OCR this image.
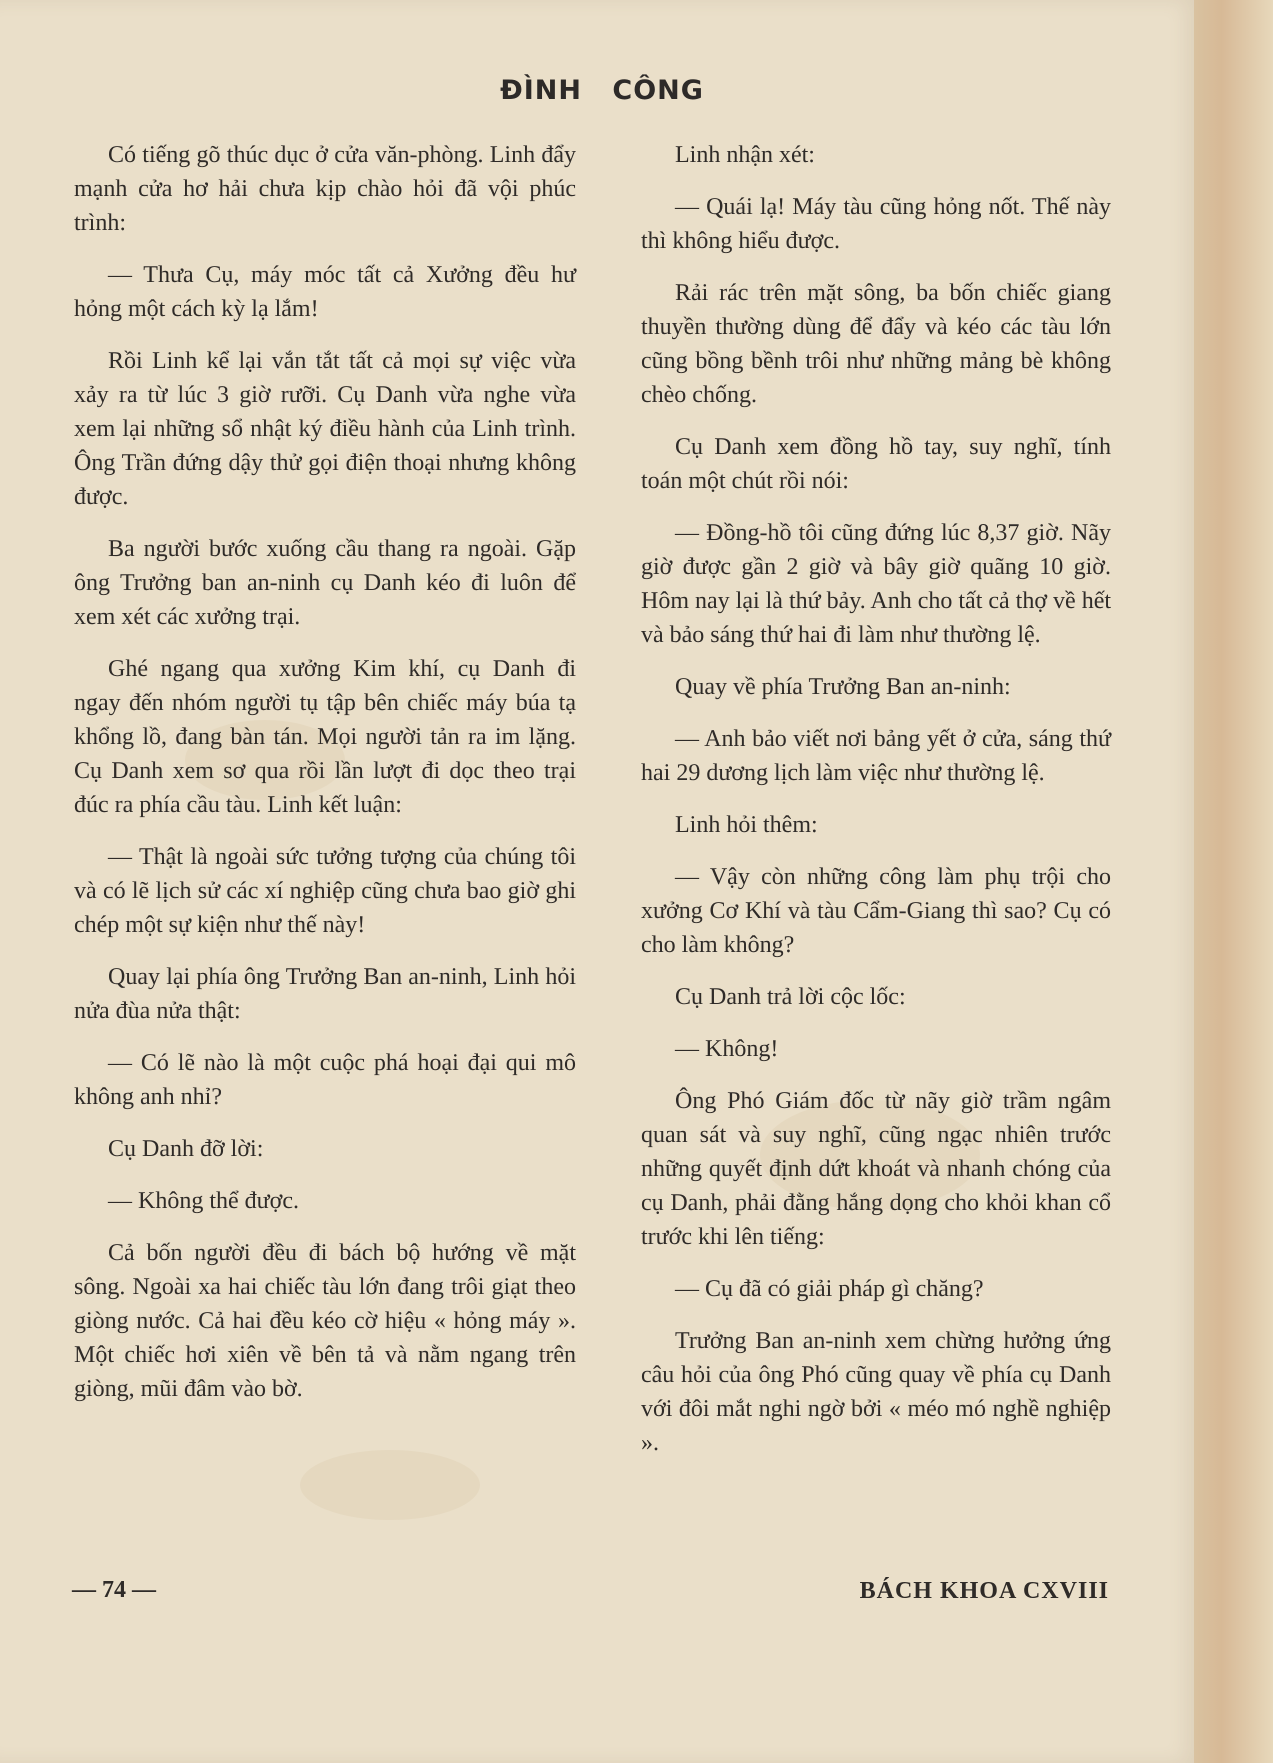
ĐÌNH CÔNG

Có tiếng gõ thúc dục ở cửa văn-phòng. Linh đẩy mạnh cửa hơ hải chưa kịp chào hỏi đã vội phúc trình:

— Thưa Cụ, máy móc tất cả Xưởng đều hư hỏng một cách kỳ lạ lắm!

Rồi Linh kể lại vắn tắt tất cả mọi sự việc vừa xảy ra từ lúc 3 giờ rưỡi. Cụ Danh vừa nghe vừa xem lại những sổ nhật ký điều hành của Linh trình. Ông Trần đứng dậy thử gọi điện thoại nhưng không được.

Ba người bước xuống cầu thang ra ngoài. Gặp ông Trưởng ban an-ninh cụ Danh kéo đi luôn để xem xét các xưởng trại.

Ghé ngang qua xưởng Kim khí, cụ Danh đi ngay đến nhóm người tụ tập bên chiếc máy búa tạ khổng lồ, đang bàn tán. Mọi người tản ra im lặng. Cụ Danh xem sơ qua rồi lần lượt đi dọc theo trại đúc ra phía cầu tàu. Linh kết luận:

— Thật là ngoài sức tưởng tượng của chúng tôi và có lẽ lịch sử các xí nghiệp cũng chưa bao giờ ghi chép một sự kiện như thế này!

Quay lại phía ông Trưởng Ban an-ninh, Linh hỏi nửa đùa nửa thật:

— Có lẽ nào là một cuộc phá hoại đại qui mô không anh nhỉ?

Cụ Danh đỡ lời:

— Không thể được.

Cả bốn người đều đi bách bộ hướng về mặt sông. Ngoài xa hai chiếc tàu lớn đang trôi giạt theo giòng nước. Cả hai đều kéo cờ hiệu « hỏng máy ». Một chiếc hơi xiên về bên tả và nằm ngang trên giòng, mũi đâm vào bờ.

Linh nhận xét:

— Quái lạ! Máy tàu cũng hỏng nốt. Thế này thì không hiểu được.

Rải rác trên mặt sông, ba bốn chiếc giang thuyền thường dùng để đẩy và kéo các tàu lớn cũng bồng bềnh trôi như những mảng bè không chèo chống.

Cụ Danh xem đồng hồ tay, suy nghĩ, tính toán một chút rồi nói:

— Đồng-hồ tôi cũng đứng lúc 8,37 giờ. Nãy giờ được gần 2 giờ và bây giờ quãng 10 giờ. Hôm nay lại là thứ bảy. Anh cho tất cả thợ về hết và bảo sáng thứ hai đi làm như thường lệ.

Quay về phía Trưởng Ban an-ninh:

— Anh bảo viết nơi bảng yết ở cửa, sáng thứ hai 29 dương lịch làm việc như thường lệ.

Linh hỏi thêm:

— Vậy còn những công làm phụ trội cho xưởng Cơ Khí và tàu Cẩm-Giang thì sao? Cụ có cho làm không?

Cụ Danh trả lời cộc lốc:

— Không!

Ông Phó Giám đốc từ nãy giờ trầm ngâm quan sát và suy nghĩ, cũng ngạc nhiên trước những quyết định dứt khoát và nhanh chóng của cụ Danh, phải đằng hắng dọng cho khỏi khan cổ trước khi lên tiếng:

— Cụ đã có giải pháp gì chăng?

Trưởng Ban an-ninh xem chừng hưởng ứng câu hỏi của ông Phó cũng quay về phía cụ Danh với đôi mắt nghi ngờ bởi « méo mó nghề nghiệp ».

— 74 —	BÁCH KHOA CXVIII
